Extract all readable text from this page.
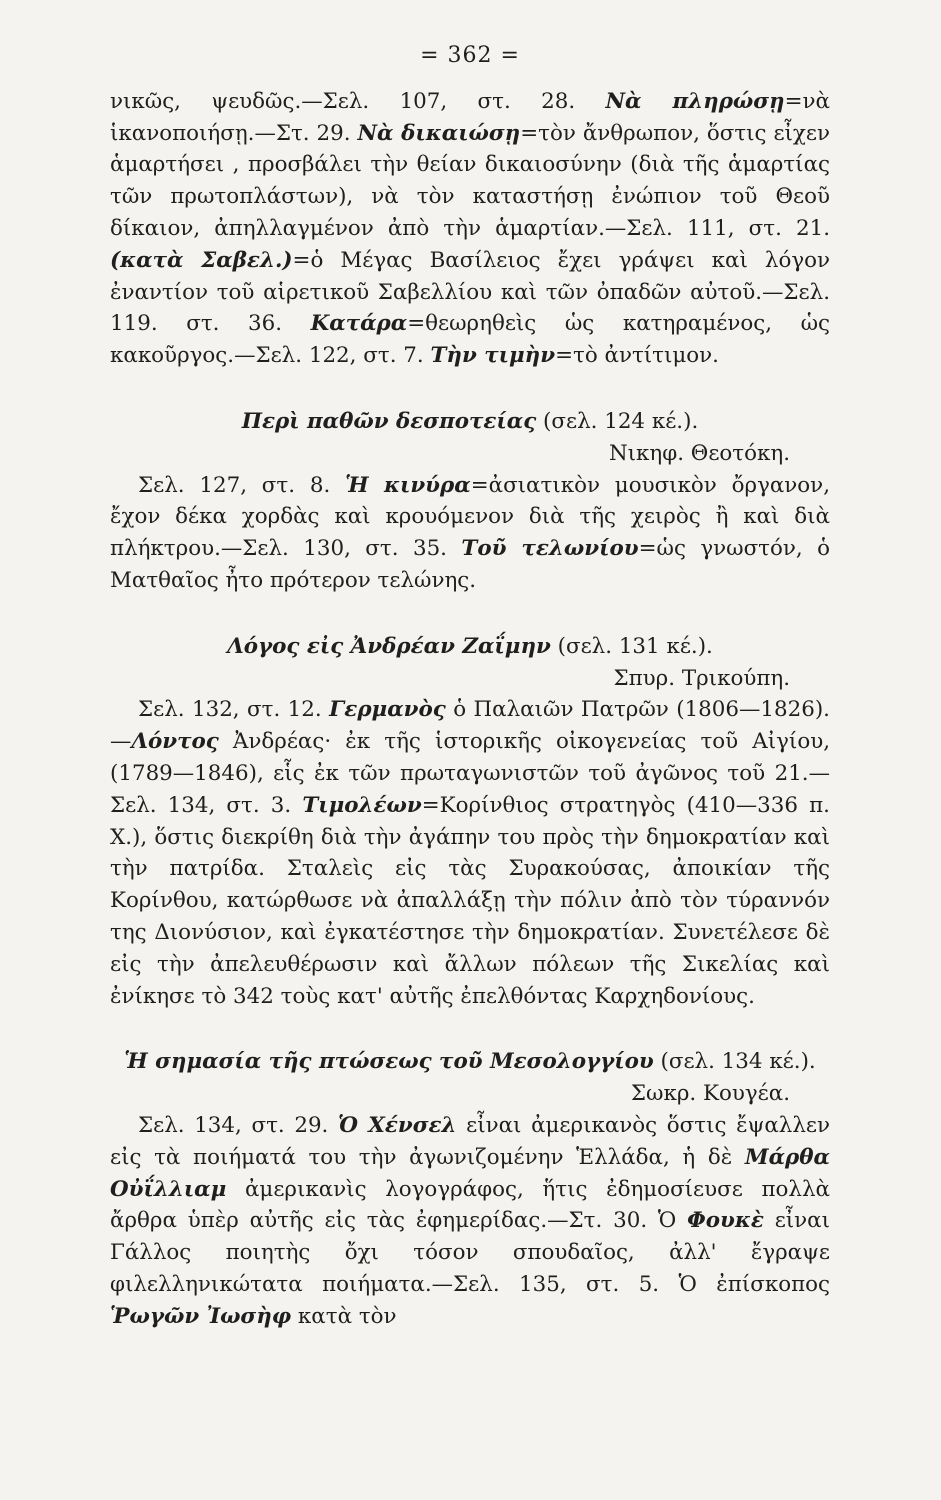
= 362 =

νικῶς, ψευδῶς.—Σελ. 107, στ. 28. Νὰ πληρώσῃ=νὰ ἱκανοποιήσῃ.—Στ. 29. Νὰ δικαιώσῃ=τὸν ἄνθρωπον, ὅστις εἶχεν ἁμαρτήσει , προσβάλει τὴν θείαν δικαιοσύνην (διὰ τῆς ἁμαρτίας τῶν πρωτοπλάστων), νὰ τὸν καταστήσῃ ἐνώπιον τοῦ Θεοῦ δίκαιον, ἀπηλλαγμένον ἀπὸ τὴν ἁμαρτίαν.—Σελ. 111, στ. 21. (κατὰ Σαβελ.)=ὁ Μέγας Βασίλειος ἔχει γράψει καὶ λόγον ἐναντίον τοῦ αἱρετικοῦ Σαβελλίου καὶ τῶν ὀπαδῶν αὐτοῦ.—Σελ. 119. στ. 36. Κατάρα=θεωρηθεὶς ὡς κατηραμένος, ὡς κακοῦργος.—Σελ. 122, στ. 7. Τὴν τιμὴν=τὸ ἀντίτιμον.

Περὶ παθῶν δεσποτείας (σελ. 124 κέ.).
Νικηφ. Θεοτόκη.

Σελ. 127, στ. 8. Ἡ κινύρα=ἀσιατικὸν μουσικὸν ὄργανον, ἔχον δέκα χορδὰς καὶ κρουόμενον διὰ τῆς χειρὸς ἢ καὶ διὰ πλήκτρου.—Σελ. 130, στ. 35. Τοῦ τελωνίου=ὡς γνωστόν, ὁ Ματθαῖος ἦτο πρότερον τελώνης.

Λόγος εἰς Ἀνδρέαν Ζαΐμην (σελ. 131 κέ.).
Σπυρ. Τρικούπη.

Σελ. 132, στ. 12. Γερμανὸς ὁ Παλαιῶν Πατρῶν (1806—1826).—Λόντος Ἀνδρέας· ἐκ τῆς ἱστορικῆς οἰκογενείας τοῦ Αἰγίου, (1789—1846), εἷς ἐκ τῶν πρωταγωνιστῶν τοῦ ἀγῶνος τοῦ 21.—Σελ. 134, στ. 3. Τιμολέων=Κορίνθιος στρατηγὸς (410—336 π. Χ.), ὅστις διεκρίθη διὰ τὴν ἀγάπην του πρὸς τὴν δημοκρατίαν καὶ τὴν πατρίδα. Σταλεὶς εἰς τὰς Συρακούσας, ἀποικίαν τῆς Κορίνθου, κατώρθωσε νὰ ἀπαλλάξῃ τὴν πόλιν ἀπὸ τὸν τύραννόν της Διονύσιον, καὶ ἐγκατέστησε τὴν δημοκρατίαν. Συνετέλεσε δὲ εἰς τὴν ἀπελευθέρωσιν καὶ ἄλλων πόλεων τῆς Σικελίας καὶ ἐνίκησε τὸ 342 τοὺς κατ' αὐτῆς ἐπελθόντας Καρχηδονίους.

Ἡ σημασία τῆς πτώσεως τοῦ Μεσολογγίου (σελ. 134 κέ.).
Σωκρ. Κουγέα.

Σελ. 134, στ. 29. Ὁ Χένσελ εἶναι ἀμερικανὸς ὅστις ἔψαλλεν εἰς τὰ ποιήματά του τὴν ἀγωνιζομένην Ἑλλάδα, ἡ δὲ Μάρθα Οὐΐλλιαμ ἀμερικανὶς λογογράφος, ἥτις ἐδημοσίευσε πολλὰ ἄρθρα ὑπὲρ αὐτῆς εἰς τὰς ἐφημερίδας.—Στ. 30. Ὁ Φουκὲ εἶναι Γάλλος ποιητὴς ὄχι τόσον σπουδαῖος, ἀλλ' ἔγραψε φιλελληνικώτατα ποιήματα.—Σελ. 135, στ. 5. Ὁ ἐπίσκοπος Ῥωγῶν Ἰωσὴφ κατὰ τὸν
